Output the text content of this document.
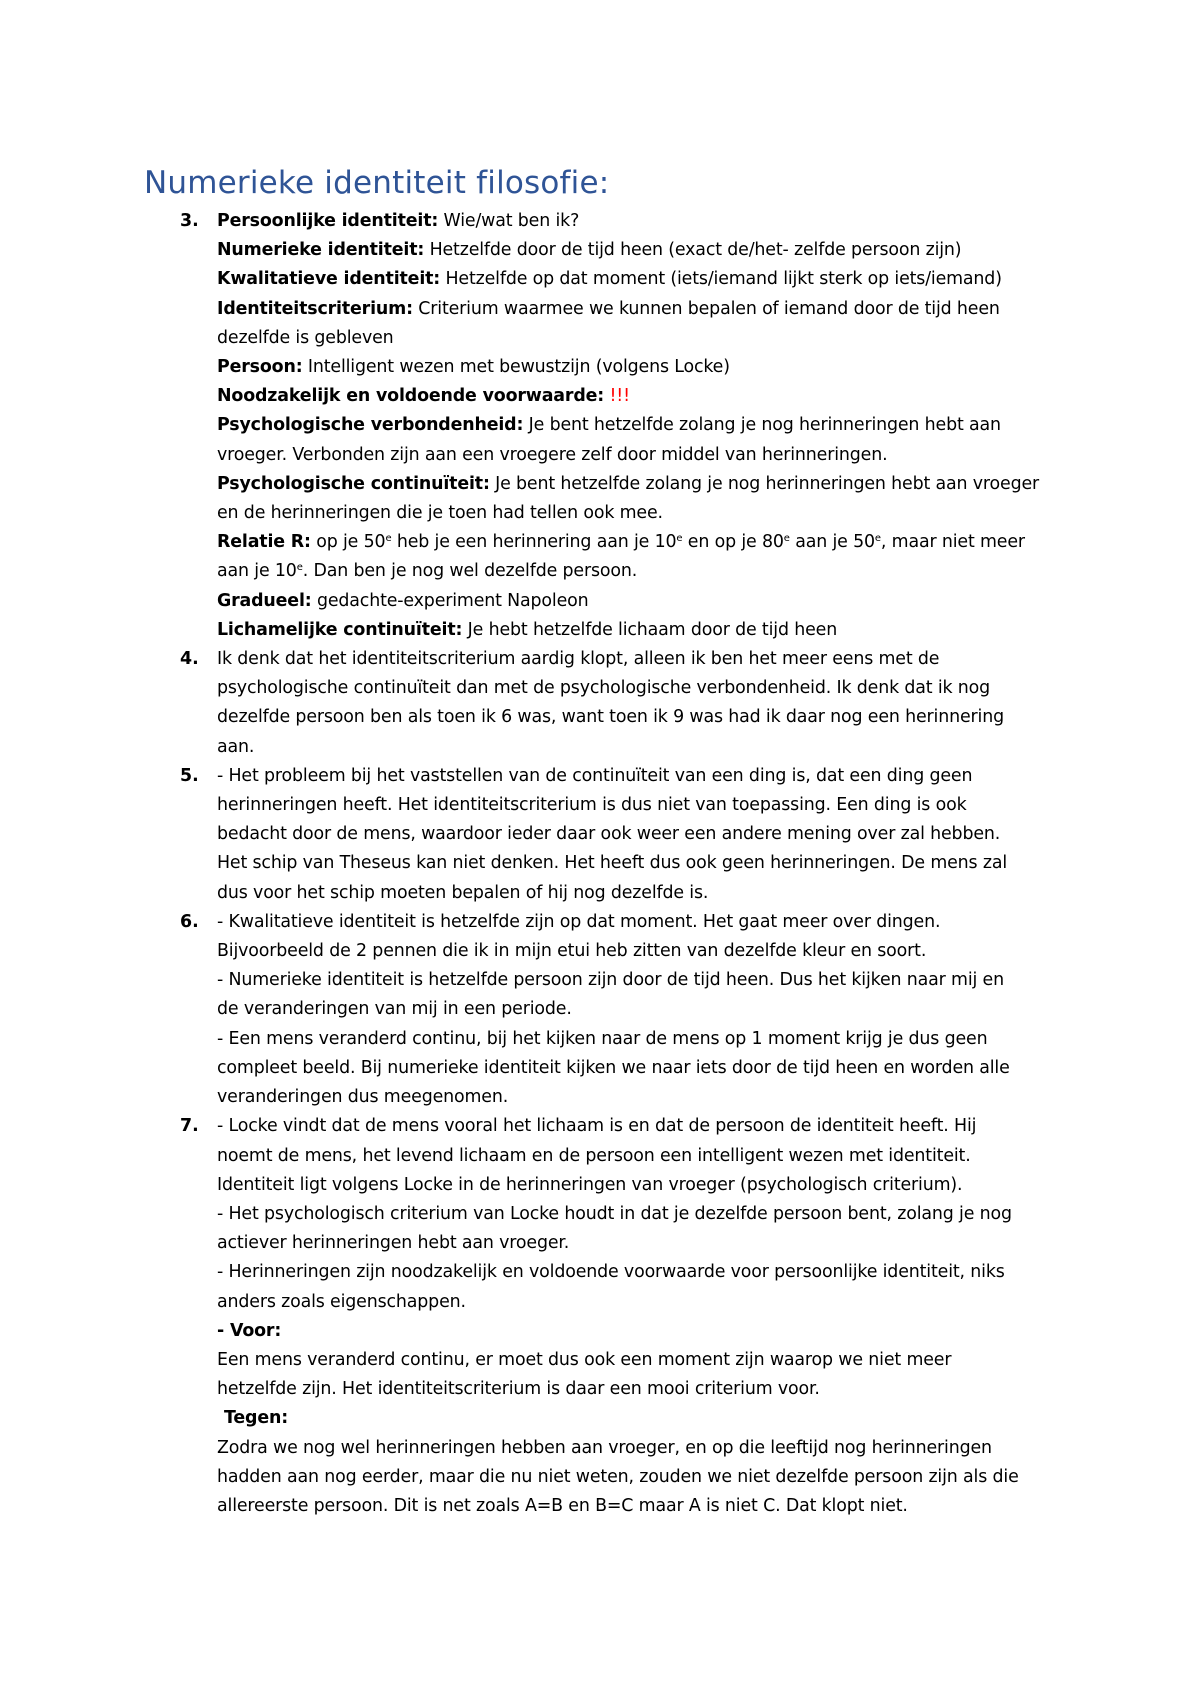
Numerieke identiteit filosofie:
3. Persoonlijke identiteit: Wie/wat ben ik?
Numerieke identiteit: Hetzelfde door de tijd heen (exact de/het- zelfde persoon zijn)
Kwalitatieve identiteit: Hetzelfde op dat moment (iets/iemand lijkt sterk op iets/iemand)
Identiteitscriterium: Criterium waarmee we kunnen bepalen of iemand door de tijd heen
dezelfde is gebleven
Persoon: Intelligent wezen met bewustzijn (volgens Locke)
Noodzakelijk en voldoende voorwaarde: !!!
Psychologische verbondenheid: Je bent hetzelfde zolang je nog herinneringen hebt aan
vroeger. Verbonden zijn aan een vroegere zelf door middel van herinneringen.
Psychologische continuïteit: Je bent hetzelfde zolang je nog herinneringen hebt aan vroeger
en de herinneringen die je toen had tellen ook mee.
Relatie R: op je 50e heb je een herinnering aan je 10e en op je 80e aan je 50e, maar niet meer
aan je 10e. Dan ben je nog wel dezelfde persoon.
Gradueel: gedachte-experiment Napoleon
Lichamelijke continuïteit: Je hebt hetzelfde lichaam door de tijd heen
4. Ik denk dat het identiteitscriterium aardig klopt, alleen ik ben het meer eens met de
psychologische continuïteit dan met de psychologische verbondenheid. Ik denk dat ik nog
dezelfde persoon ben als toen ik 6 was, want toen ik 9 was had ik daar nog een herinnering
aan.
5. - Het probleem bij het vaststellen van de continuïteit van een ding is, dat een ding geen
herinneringen heeft. Het identiteitscriterium is dus niet van toepassing. Een ding is ook
bedacht door de mens, waardoor ieder daar ook weer een andere mening over zal hebben.
Het schip van Theseus kan niet denken. Het heeft dus ook geen herinneringen. De mens zal
dus voor het schip moeten bepalen of hij nog dezelfde is.
6. - Kwalitatieve identiteit is hetzelfde zijn op dat moment. Het gaat meer over dingen.
Bijvoorbeeld de 2 pennen die ik in mijn etui heb zitten van dezelfde kleur en soort.
- Numerieke identiteit is hetzelfde persoon zijn door de tijd heen. Dus het kijken naar mij en
de veranderingen van mij in een periode.
- Een mens veranderd continu, bij het kijken naar de mens op 1 moment krijg je dus geen
compleet beeld. Bij numerieke identiteit kijken we naar iets door de tijd heen en worden alle
veranderingen dus meegenomen.
7. - Locke vindt dat de mens vooral het lichaam is en dat de persoon de identiteit heeft. Hij
noemt de mens, het levend lichaam en de persoon een intelligent wezen met identiteit.
Identiteit ligt volgens Locke in de herinneringen van vroeger (psychologisch criterium).
- Het psychologisch criterium van Locke houdt in dat je dezelfde persoon bent, zolang je nog
actiever herinneringen hebt aan vroeger.
- Herinneringen zijn noodzakelijk en voldoende voorwaarde voor persoonlijke identiteit, niks
anders zoals eigenschappen.
- Voor:
Een mens veranderd continu, er moet dus ook een moment zijn waarop we niet meer
hetzelfde zijn. Het identiteitscriterium is daar een mooi criterium voor.
Tegen:
Zodra we nog wel herinneringen hebben aan vroeger, en op die leeftijd nog herinneringen
hadden aan nog eerder, maar die nu niet weten, zouden we niet dezelfde persoon zijn als die
allereerste persoon. Dit is net zoals A=B en B=C maar A is niet C. Dat klopt niet.
